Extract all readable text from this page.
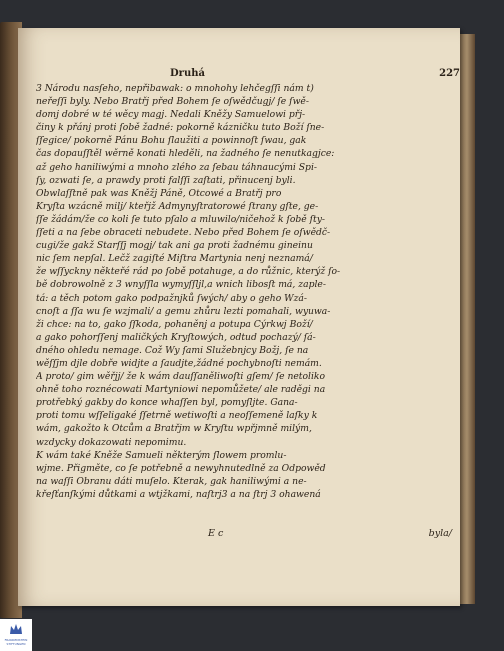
Druhá	227
3 Národu nasſeho, nepřibawak: o mnohohy lehčegſſi nám t)
neřeſſi byly. Nebo Bratřj před Bohem ſe oſwědčugj/ ſe ſwě-
domj dobré w té wěcy magj. Nedali Kněžy Samuelowi přj-
činy k přánj proti ſobě žadné: pokorně kázničku tuto Boží ſne-
ſſegice/ pokorně Pánu Bohu ſlaužiti a powinnoſt ſwau, gak
čas dopauſſtěl wěrně konati hleděli, na žadného ſe nenutkagjce:
až geho haniliwými a mnoho zlého za ſebau táhnaucými Spi-
ſy, ozwati ſe, a prawdy proti falſſi zaſtati, přinucenj byli.
Obwlaſſtně pak was Kněžj Páně, Otcowé a Bratřj pro
Kryſta wzácně milj/ kteřjž Admynyſtratorowé ſtrany gſte, ge-
ſſe žádám/že co koli ſe tuto pſalo a mluwilo/ničehož k ſobě ſty-
ſſeti a na ſebe obraceti nebudete. Nebo před Bohem ſe oſwědč-
cugi/že gakž Starſſj mogj/ tak ani ga proti žadnému gineinu
nic ſem nepſal. Lečž zagiſté Miſtra Martynia nenj neznamá/
že wſſyckny někteřé rád po ſobě potahuge, a do růžnic, kterýž ſo-
bě dobrowolně z 3 wnyſſla wymyſſljl,a wnich libosſt má, zaple-
tá: a těch potom gako podpažnjků ſwých/ aby o geho Wzá-
cnoſt a ſſa wu ſe wzjmali/ a gemu zhůru lezti pomahali, wyuwa-
ži chce: na to, gako ſſkoda, pohaněnj a potupa Cýrkwj Boží/
a gako pohorſſenj maličkých Kryſtowých, odtud pochazý/ ſá-
dného ohledu nemage. Což Wy ſami Služebnjcy Božj, ſe na
wěſſjm djle dobře widjte a ſaudjte,žádné pochybnoſti nemám.
A proto/ gim wěřjj/ že k wám dauſſaněliwoſti gſem/ ſe netoliko
ohně toho roznécowati Martyniowi nepomůžete/ ale raděgi na
protřebký gakby do konce whaſſen byl, pomyſljte. Gana-
proti tomu wſſeligaké ſſetrně wetiwoſti a neoſſemeně laſky k
wám, gakožto k Otcům a Bratřjm w Kryſtu wpřjmně milým,
wzdycky dokazowati nepomimu.
K wám také Kněže Samueli některým ſlowem promlu-
wjme. Přigměte, co ſe potřebně a newyhnutedlně za Odpowěd
na waſſi Obranu dáti muſelo. Kterak, gak haniliwými a ne-
křeſťanſkými důtkami a wtjžkami, naſtrj3 a na ſtrj 3 ohawená
E c	byla/
FRANKENSTEIN STIFTUNGEN
